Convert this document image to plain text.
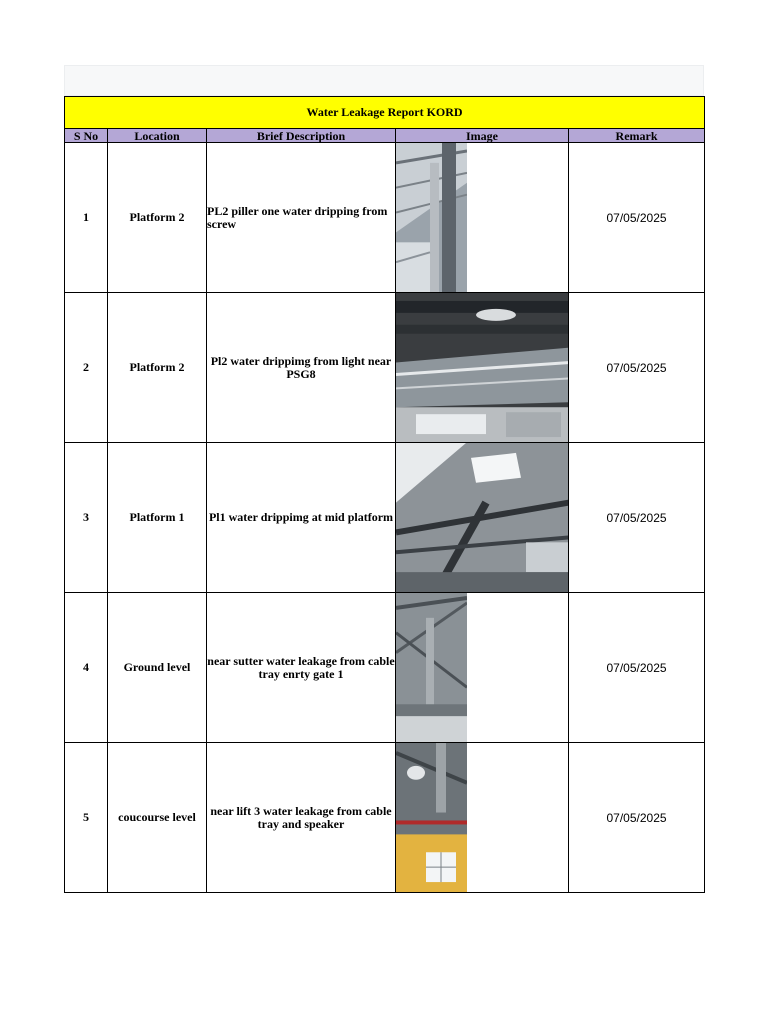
Water Leakage Report KORD				
S No	Location	Brief Description	Image	Remark
1	Platform 2	PL2 piller one water dripping from screw		07/05/2025
2	Platform 2	Pl2 water drippimg from light near PSG8		07/05/2025
3	Platform 1	Pl1 water drippimg at mid platform		07/05/2025
4	Ground level	near sutter water leakage from cable tray enrty gate 1		07/05/2025
5	coucourse level	near lift 3 water leakage from cable tray and speaker		07/05/2025
